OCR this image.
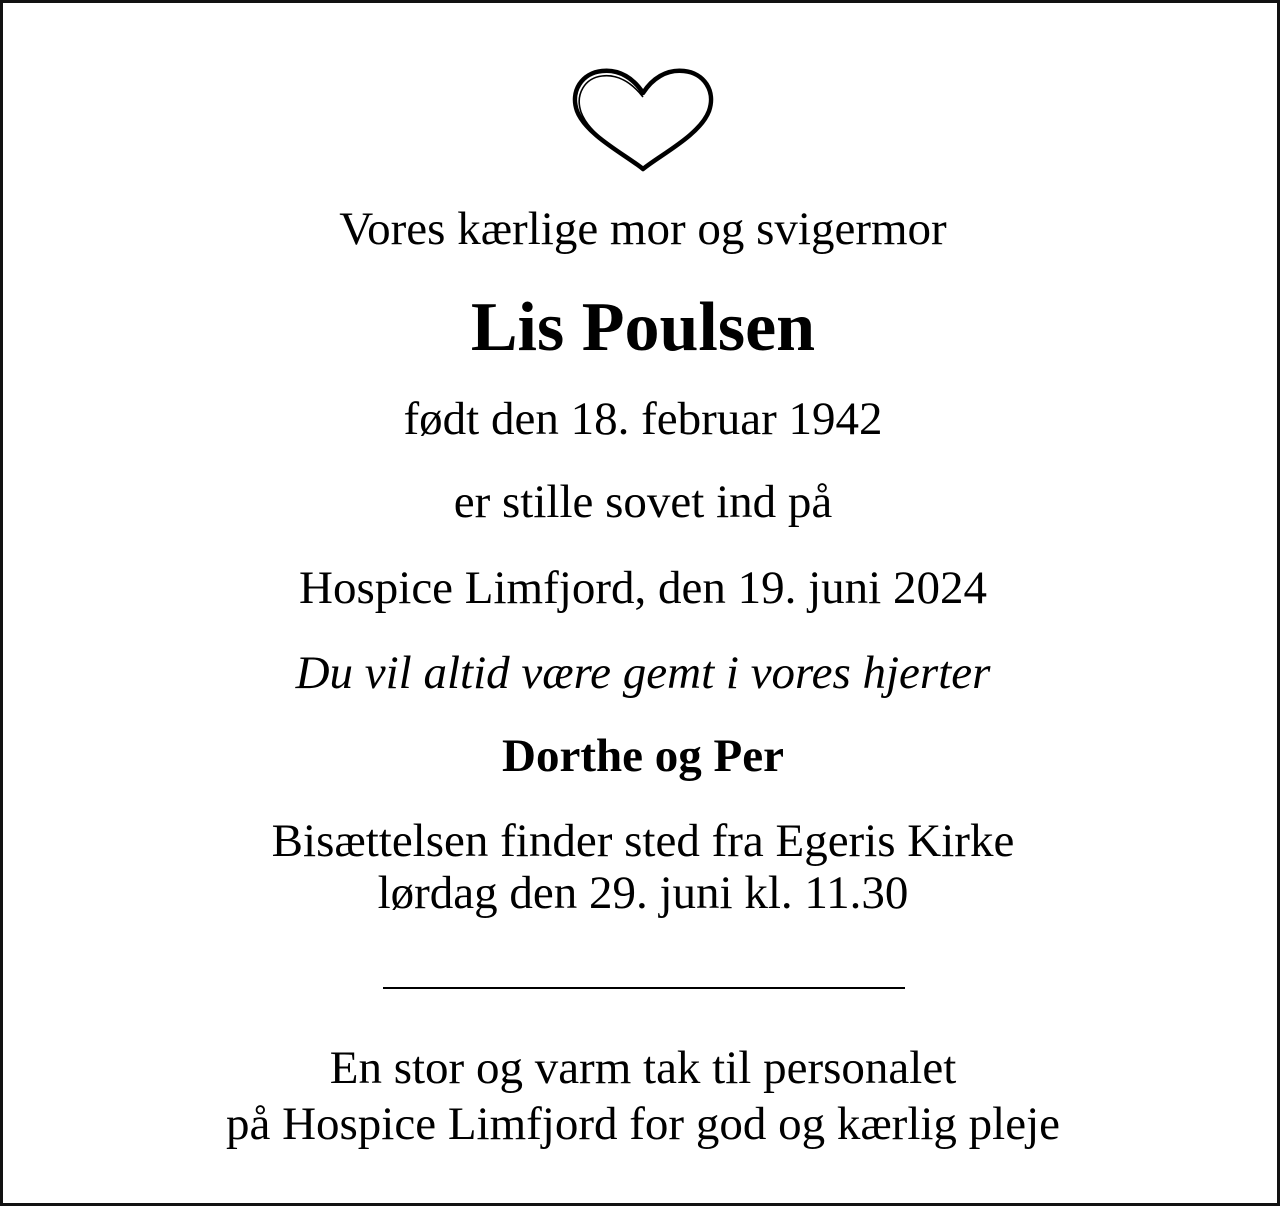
Vores kærlige mor og svigermor
Lis Poulsen
født den 18. februar 1942
er stille sovet ind på
Hospice Limfjord, den 19. juni 2024
Du vil altid være gemt i vores hjerter
Dorthe og Per
Bisættelsen finder sted fra Egeris Kirke
lørdag den 29. juni kl. 11.30
En stor og varm tak til personalet
på Hospice Limfjord for god og kærlig pleje
